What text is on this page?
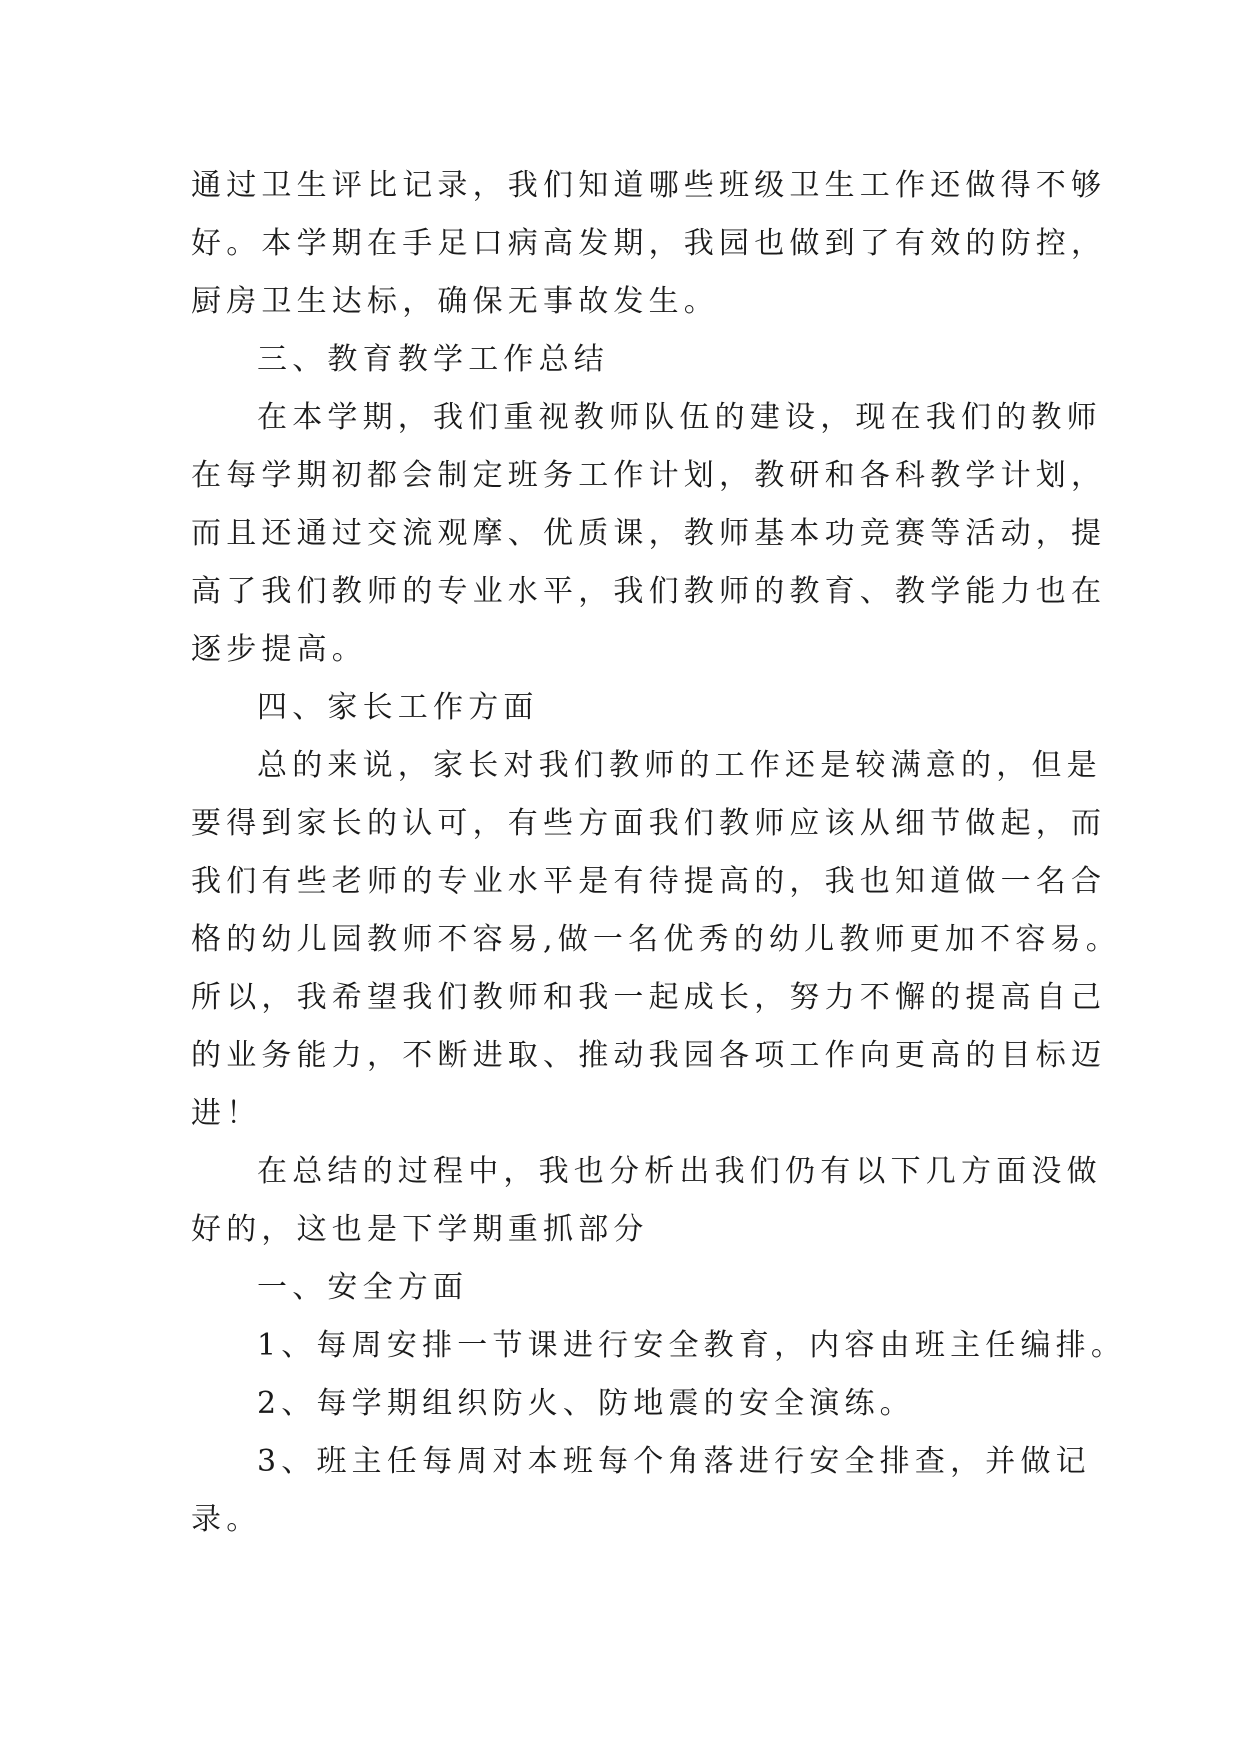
通过卫生评比记录，我们知道哪些班级卫生工作还做得不够
好。本学期在手足口病高发期，我园也做到了有效的防控，
厨房卫生达标，确保无事故发生。
三、教育教学工作总结
在本学期，我们重视教师队伍的建设，现在我们的教师
在每学期初都会制定班务工作计划，教研和各科教学计划，
而且还通过交流观摩、优质课，教师基本功竞赛等活动，提
高了我们教师的专业水平，我们教师的教育、教学能力也在
逐步提高。
四、家长工作方面
总的来说，家长对我们教师的工作还是较满意的，但是
要得到家长的认可，有些方面我们教师应该从细节做起，而
我们有些老师的专业水平是有待提高的，我也知道做一名合
格的幼儿园教师不容易,做一名优秀的幼儿教师更加不容易。
所以，我希望我们教师和我一起成长，努力不懈的提高自己
的业务能力，不断进取、推动我园各项工作向更高的目标迈
进！
在总结的过程中，我也分析出我们仍有以下几方面没做
好的，这也是下学期重抓部分
一、安全方面
1、每周安排一节课进行安全教育，内容由班主任编排。
2、每学期组织防火、防地震的安全演练。
3、班主任每周对本班每个角落进行安全排查，并做记
录。
